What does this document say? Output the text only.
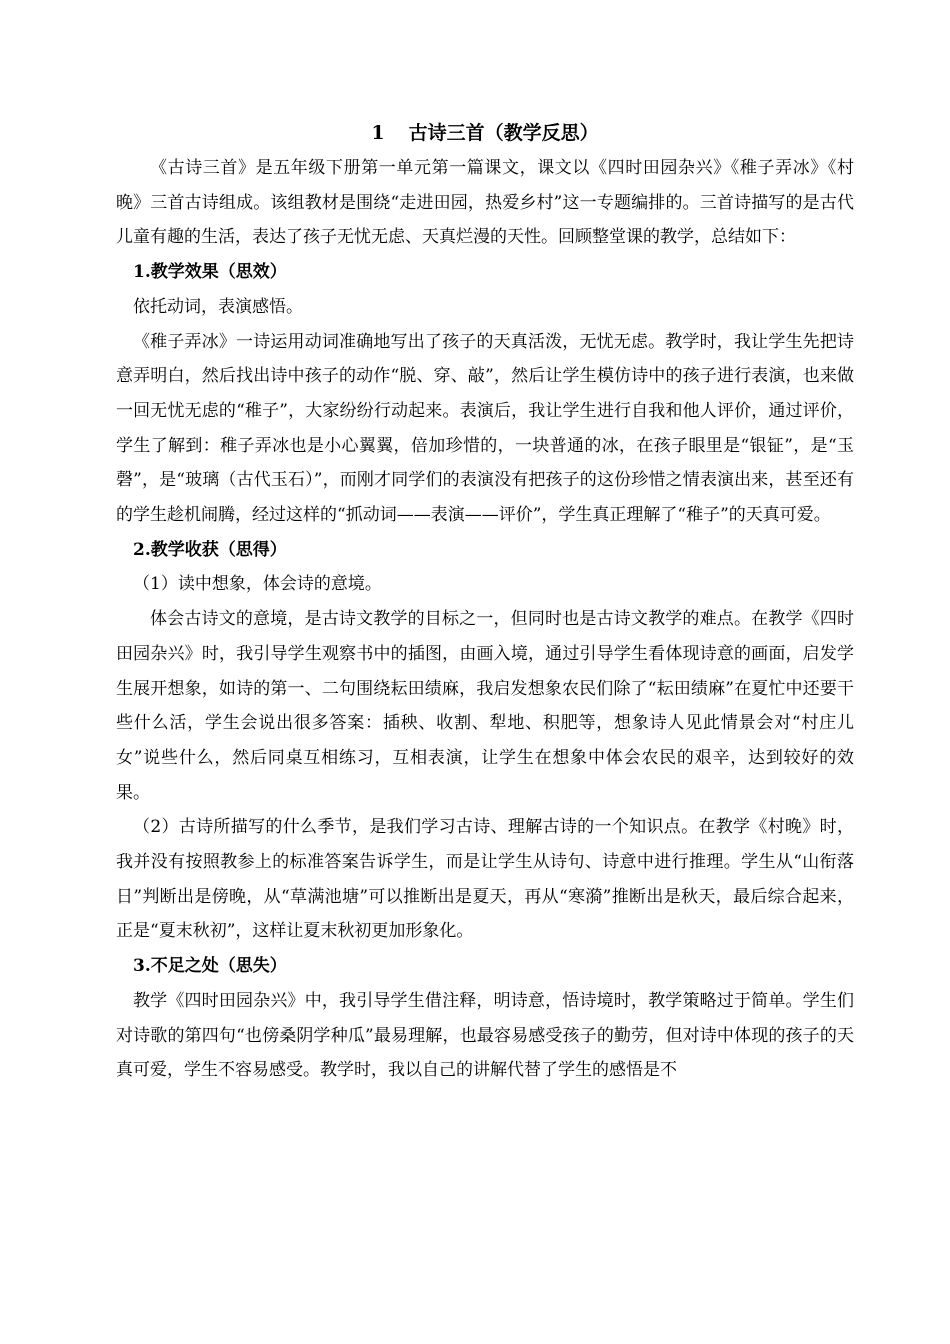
1 古诗三首（教学反思）

《古诗三首》是五年级下册第一单元第一篇课文，课文以《四时田园杂兴》《稚子弄冰》《村晚》三首古诗组成。该组教材是围绕“走进田园，热爱乡村”这一专题编排的。三首诗描写的是古代儿童有趣的生活，表达了孩子无忧无虑、天真烂漫的天性。回顾整堂课的教学，总结如下：

1.教学效果（思效）

依托动词，表演感悟。

《稚子弄冰》一诗运用动词准确地写出了孩子的天真活泼，无忧无虑。教学时，我让学生先把诗意弄明白，然后找出诗中孩子的动作“脱、穿、敲”，然后让学生模仿诗中的孩子进行表演，也来做一回无忧无虑的“稚子”，大家纷纷行动起来。表演后，我让学生进行自我和他人评价，通过评价，学生了解到：稚子弄冰也是小心翼翼，倍加珍惜的，一块普通的冰，在孩子眼里是“银钲”，是“玉磬”，是“玻璃（古代玉石）”，而刚才同学们的表演没有把孩子的这份珍惜之情表演出来，甚至还有的学生趁机闹腾，经过这样的“抓动词——表演——评价”，学生真正理解了“稚子”的天真可爱。

2.教学收获（思得）

（1）读中想象，体会诗的意境。

体会古诗文的意境，是古诗文教学的目标之一，但同时也是古诗文教学的难点。在教学《四时田园杂兴》时，我引导学生观察书中的插图，由画入境，通过引导学生看体现诗意的画面，启发学生展开想象，如诗的第一、二句围绕耘田绩麻，我启发想象农民们除了“耘田绩麻”在夏忙中还要干些什么活，学生会说出很多答案：插秧、收割、犁地、积肥等，想象诗人见此情景会对“村庄儿女”说些什么，然后同桌互相练习，互相表演，让学生在想象中体会农民的艰辛，达到较好的效果。

（2）古诗所描写的什么季节，是我们学习古诗、理解古诗的一个知识点。在教学《村晚》时，我并没有按照教参上的标准答案告诉学生，而是让学生从诗句、诗意中进行推理。学生从“山衔落日”判断出是傍晚，从“草满池塘”可以推断出是夏天，再从“寒漪”推断出是秋天，最后综合起来，正是“夏末秋初”，这样让夏末秋初更加形象化。

3.不足之处（思失）

教学《四时田园杂兴》中，我引导学生借注释，明诗意，悟诗境时，教学策略过于简单。学生们对诗歌的第四句“也傍桑阴学种瓜”最易理解，也最容易感受孩子的勤劳，但对诗中体现的孩子的天真可爱，学生不容易感受。教学时，我以自己的讲解代替了学生的感悟是不
